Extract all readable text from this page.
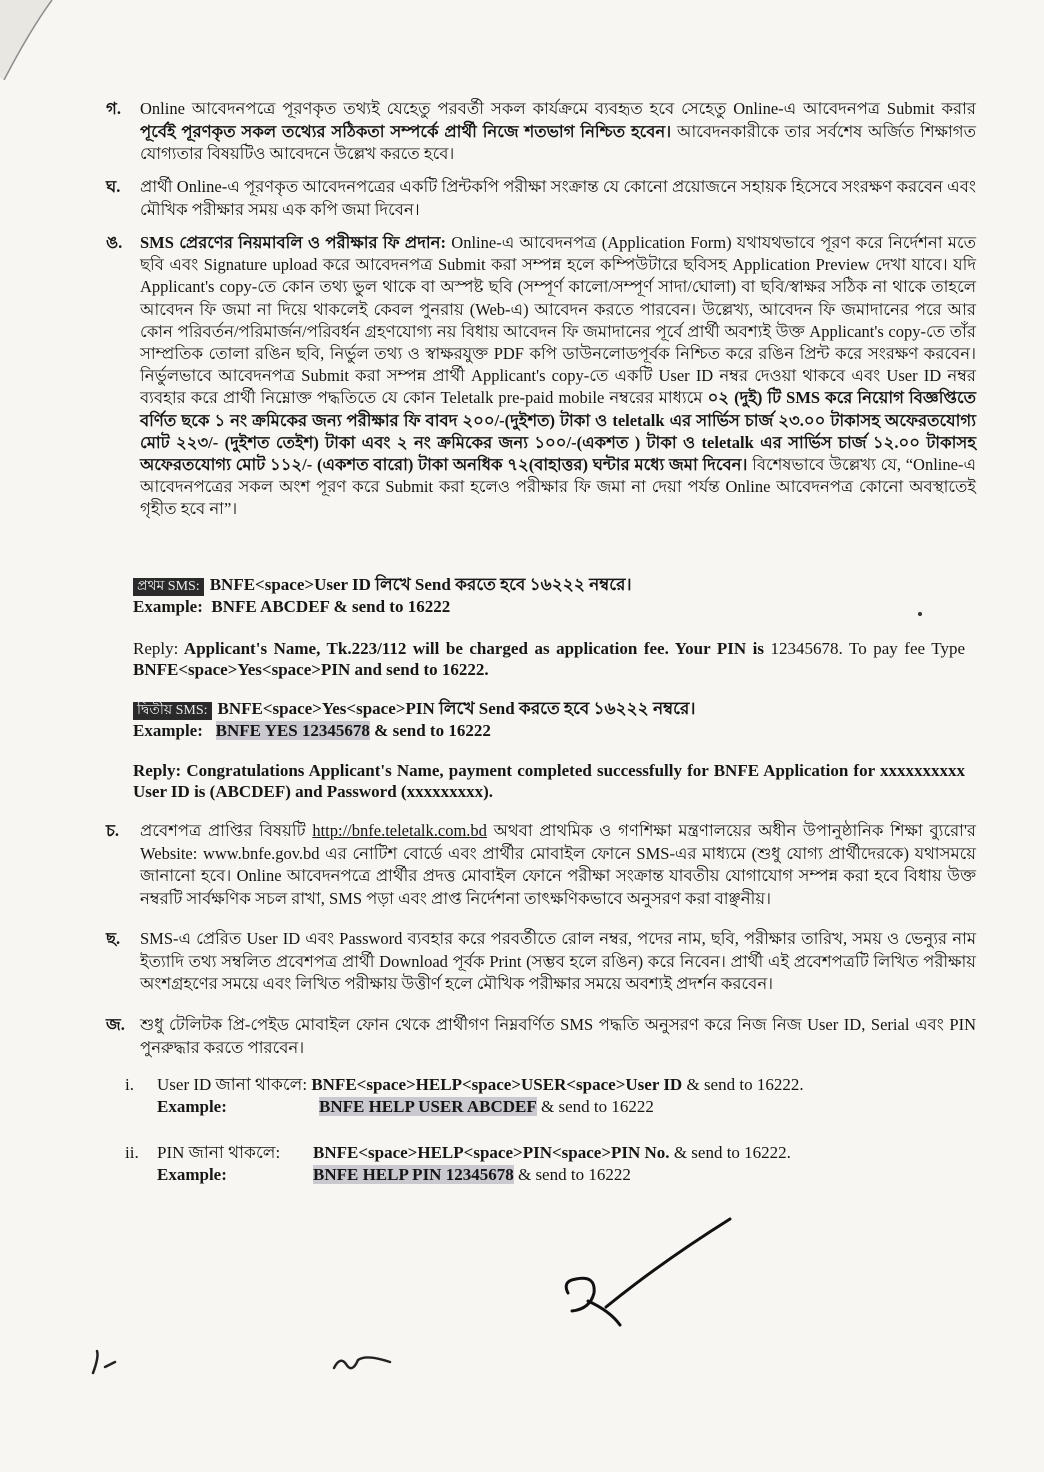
গ. Online আবেদনপত্রে পূরণকৃত তথ্যই যেহেতু পরবর্তী সকল কার্যক্রমে ব্যবহৃত হবে সেহেতু Online-এ আবেদনপত্র Submit করার পূর্বেই পূরণকৃত সকল তথ্যের সঠিকতা সম্পর্কে প্রার্থী নিজে শতভাগ নিশ্চিত হবেন। আবেদনকারীকে তার সর্বশেষ অর্জিত শিক্ষাগত যোগ্যতার বিষয়টিও আবেদনে উল্লেখ করতে হবে।
ঘ. প্রার্থী Online-এ পূরণকৃত আবেদনপত্রের একটি প্রিন্টকপি পরীক্ষা সংক্রান্ত যে কোনো প্রয়োজনে সহায়ক হিসেবে সংরক্ষণ করবেন এবং মৌখিক পরীক্ষার সময় এক কপি জমা দিবেন।
ঙ. SMS প্রেরণের নিয়মাবলি ও পরীক্ষার ফি প্রদান: Online-এ আবেদনপত্র (Application Form) যথাযথভাবে পূরণ করে নির্দেশনা মতে ছবি এবং Signature upload করে আবেদনপত্র Submit করা সম্পন্ন হলে কম্পিউটারে ছবিসহ Application Preview দেখা যাবে। যদি Applicant's copy-তে কোন তথ্য ভুল থাকে বা অস্পষ্ট ছবি (সম্পূর্ণ কালো/সম্পূর্ণ সাদা/ঘোলা) বা ছবি/স্বাক্ষর সঠিক না থাকে তাহলে আবেদন ফি জমা না দিয়ে থাকলেই কেবল পুনরায় (Web-এ) আবেদন করতে পারবেন। উল্লেখ্য, আবেদন ফি জমাদানের পরে আর কোন পরিবর্তন/পরিমার্জন/পরিবর্ধন গ্রহণযোগ্য নয় বিধায় আবেদন ফি জমাদানের পূর্বে প্রার্থী অবশ্যই উক্ত Applicant's copy-তে তাঁর সাম্প্রতিক তোলা রঙিন ছবি, নির্ভুল তথ্য ও স্বাক্ষরযুক্ত PDF কপি ডাউনলোডপূর্বক নিশ্চিত করে রঙিন প্রিন্ট করে সংরক্ষণ করবেন। নির্ভুলভাবে আবেদনপত্র Submit করা সম্পন্ন প্রার্থী Applicant's copy-তে একটি User ID নম্বর দেওয়া থাকবে এবং User ID নম্বর ব্যবহার করে প্রার্থী নিম্নোক্ত পদ্ধতিতে যে কোন Teletalk pre-paid mobile নম্বরের মাধ্যমে ০২ (দুই) টি SMS করে নিয়োগ বিজ্ঞপ্তিতে বর্ণিত ছকে ১ নং ক্রমিকের জন্য পরীক্ষার ফি বাবদ ২০০/-(দুইশত) টাকা ও teletalk এর সার্ভিস চার্জ ২৩.০০ টাকাসহ অফেরতযোগ্য মোট ২২৩/- (দুইশত তেইশ) টাকা এবং ২ নং ক্রমিকের জন্য ১০০/-(একশত ) টাকা ও teletalk এর সার্ভিস চার্জ ১২.০০ টাকাসহ অফেরতযোগ্য মোট ১১২/- (একশত বারো) টাকা অনধিক ৭২(বাহাত্তর) ঘন্টার মধ্যে জমা দিবেন। বিশেষভাবে উল্লেখ্য যে, “Online-এ আবেদনপত্রের সকল অংশ পূরণ করে Submit করা হলেও পরীক্ষার ফি জমা না দেয়া পর্যন্ত Online আবেদনপত্র কোনো অবস্থাতেই গৃহীত হবে না”।
প্রথম SMS: BNFE<space>User ID লিখে Send করতে হবে ১৬২২২ নম্বরে।
Example: BNFE ABCDEF & send to 16222
Reply: Applicant's Name, Tk.223/112 will be charged as application fee. Your PIN is 12345678. To pay fee Type BNFE<space>Yes<space>PIN and send to 16222.
দ্বিতীয় SMS: BNFE<space>Yes<space>PIN লিখে Send করতে হবে ১৬২২২ নম্বরে।
Example: BNFE YES 12345678 & send to 16222
Reply: Congratulations Applicant's Name, payment completed successfully for BNFE Application for xxxxxxxxxx User ID is (ABCDEF) and Password (xxxxxxxxx).
চ. প্রবেশপত্র প্রাপ্তির বিষয়টি http://bnfe.teletalk.com.bd অথবা প্রাথমিক ও গণশিক্ষা মন্ত্রণালয়ের অধীন উপানুষ্ঠানিক শিক্ষা ব্যুরো'র Website: www.bnfe.gov.bd এর নোটিশ বোর্ডে এবং প্রার্থীর মোবাইল ফোনে SMS-এর মাধ্যমে (শুধু যোগ্য প্রার্থীদেরকে) যথাসময়ে জানানো হবে। Online আবেদনপত্রে প্রার্থীর প্রদত্ত মোবাইল ফোনে পরীক্ষা সংক্রান্ত যাবতীয় যোগাযোগ সম্পন্ন করা হবে বিধায় উক্ত নম্বরটি সার্বক্ষণিক সচল রাখা, SMS পড়া এবং প্রাপ্ত নির্দেশনা তাৎক্ষণিকভাবে অনুসরণ করা বাঞ্ছনীয়।
ছ. SMS-এ প্রেরিত User ID এবং Password ব্যবহার করে পরবর্তীতে রোল নম্বর, পদের নাম, ছবি, পরীক্ষার তারিখ, সময় ও ভেন্যুর নাম ইত্যাদি তথ্য সম্বলিত প্রবেশপত্র প্রার্থী Download পূর্বক Print (সম্ভব হলে রঙিন) করে নিবেন। প্রার্থী এই প্রবেশপত্রটি লিখিত পরীক্ষায় অংশগ্রহণের সময়ে এবং লিখিত পরীক্ষায় উত্তীর্ণ হলে মৌখিক পরীক্ষার সময়ে অবশ্যই প্রদর্শন করবেন।
জ. শুধু টেলিটক প্রি-পেইড মোবাইল ফোন থেকে প্রার্থীগণ নিম্নবর্ণিত SMS পদ্ধতি অনুসরণ করে নিজ নিজ User ID, Serial এবং PIN পুনরুদ্ধার করতে পারবেন।
i. User ID জানা থাকলে: BNFE<space>HELP<space>USER<space>User ID & send to 16222.
Example:	BNFE HELP USER ABCDEF & send to 16222
ii. PIN জানা থাকলে: BNFE<space>HELP<space>PIN<space>PIN No. & send to 16222.
Example:	BNFE HELP PIN 12345678 & send to 16222
